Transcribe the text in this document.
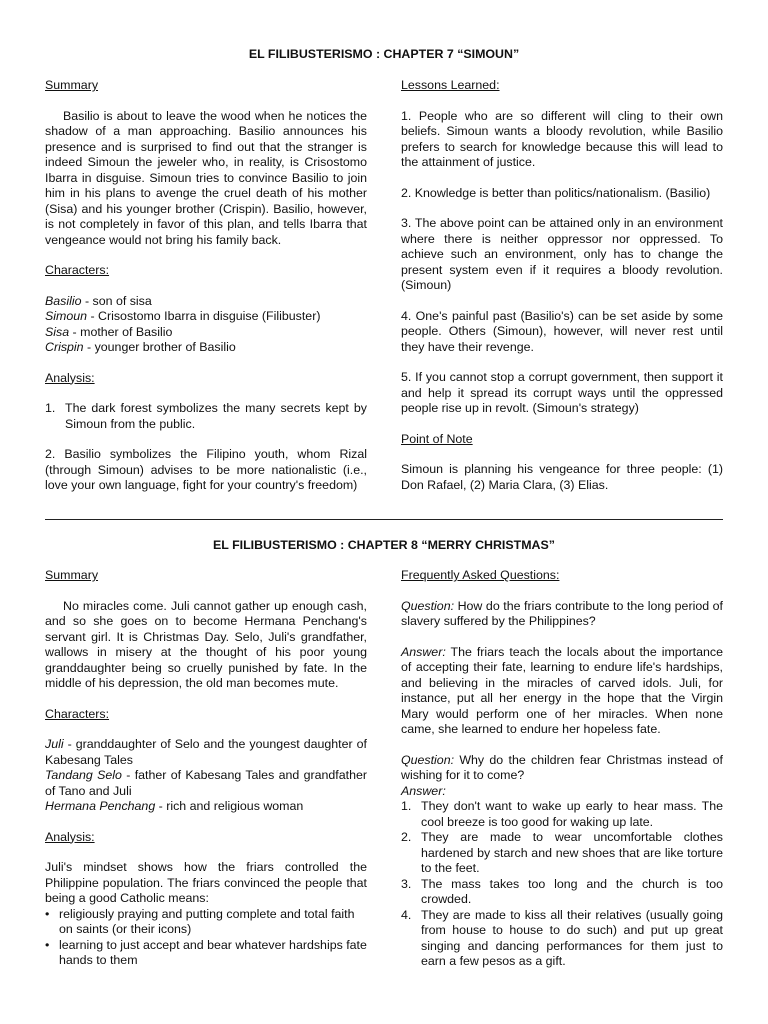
EL FILIBUSTERISMO : CHAPTER 7 “SIMOUN”
Summary

Basilio is about to leave the wood when he notices the shadow of a man approaching. Basilio announces his presence and is surprised to find out that the stranger is indeed Simoun the jeweler who, in reality, is Crisostomo Ibarra in disguise. Simoun tries to convince Basilio to join him in his plans to avenge the cruel death of his mother (Sisa) and his younger brother (Crispin). Basilio, however, is not completely in favor of this plan, and tells Ibarra that vengeance would not bring his family back.

Characters:
Basilio - son of sisa
Simoun - Crisostomo Ibarra in disguise (Filibuster)
Sisa - mother of Basilio
Crispin - younger brother of Basilio
Analysis:
1. The dark forest symbolizes the many secrets kept by Simoun from the public.

2. Basilio symbolizes the Filipino youth, whom Rizal (through Simoun) advises to be more nationalistic (i.e., love your own language, fight for your country's freedom)

Lessons Learned:

1. People who are so different will cling to their own beliefs. Simoun wants a bloody revolution, while Basilio prefers to search for knowledge because this will lead to the attainment of justice.

2. Knowledge is better than politics/nationalism. (Basilio)

3. The above point can be attained only in an environment where there is neither oppressor nor oppressed. To achieve such an environment, only has to change the present system even if it requires a bloody revolution. (Simoun)

4. One's painful past (Basilio's) can be set aside by some people. Others (Simoun), however, will never rest until they have their revenge.

5. If you cannot stop a corrupt government, then support it and help it spread its corrupt ways until the oppressed people rise up in revolt. (Simoun's strategy)

Point of Note

Simoun is planning his vengeance for three people: (1) Don Rafael, (2) Maria Clara, (3) Elias.

EL FILIBUSTERISMO : CHAPTER 8 “MERRY CHRISTMAS”
Summary

No miracles come. Juli cannot gather up enough cash, and so she goes on to become Hermana Penchang's servant girl. It is Christmas Day. Selo, Juli's grandfather, wallows in misery at the thought of his poor young granddaughter being so cruelly punished by fate. In the middle of his depression, the old man becomes mute.

Characters:

Juli - granddaughter of Selo and the youngest daughter of Kabesang Tales

Tandang Selo - father of Kabesang Tales and grandfather of Tano and Juli

Hermana Penchang - rich and religious woman

Analysis:

Juli's mindset shows how the friars controlled the Philippine population. The friars convinced the people that being a good Catholic means:

• religiously praying and putting complete and total faith on saints (or their icons)
• learning to just accept and bear whatever hardships fate hands to them
Frequently Asked Questions:

Question: How do the friars contribute to the long period of slavery suffered by the Philippines?

Answer: The friars teach the locals about the importance of accepting their fate, learning to endure life's hardships, and believing in the miracles of carved idols. Juli, for instance, put all her energy in the hope that the Virgin Mary would perform one of her miracles. When none came, she learned to endure her hopeless fate.

Question: Why do the children fear Christmas instead of wishing for it to come?

Answer:

1. They don't want to wake up early to hear mass. The cool breeze is too good for waking up late.
2. They are made to wear uncomfortable clothes hardened by starch and new shoes that are like torture to the feet.
3. The mass takes too long and the church is too crowded.
4. They are made to kiss all their relatives (usually going from house to house to do such) and put up great singing and dancing performances for them just to earn a few pesos as a gift.
